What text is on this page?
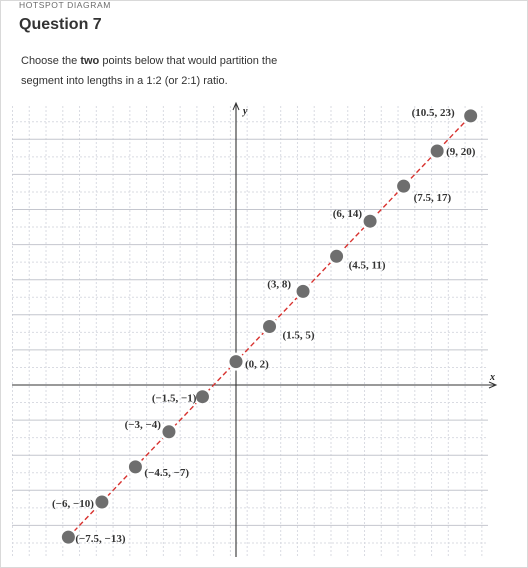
HOTSPOT DIAGRAM
Question 7
Choose the two points below that would partition the segment into lengths in a 1:2 (or 2:1) ratio.
(−7.5, −13)
(−6, −10)
(−4.5, −7)
(−3, −4)
(−1.5, −1)
(0, 2)
(1.5, 5)
(3, 8)
(4.5, 11)
(6, 14)
(7.5, 17)
(9, 20)
(10.5, 23)
x
y
